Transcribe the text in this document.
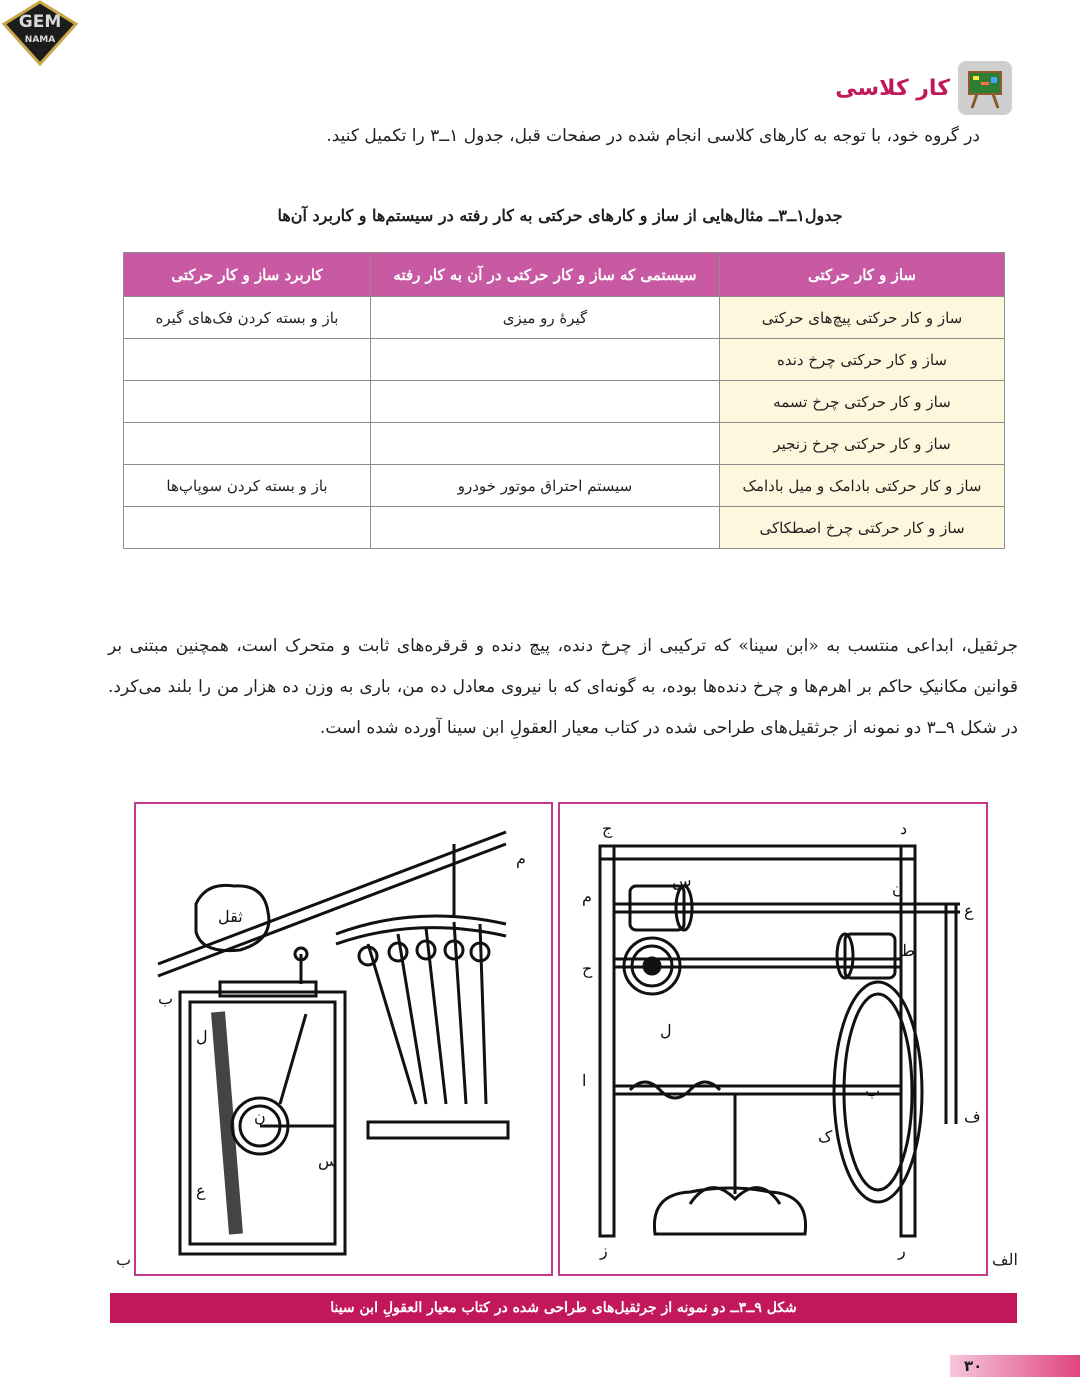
GEM
NAMA
کار کلاسی
در گروه خود، با توجه به کارهای کلاسی انجام شده در صفحات قبل، جدول ۱ــ۳ را تکمیل کنید.
جدول۱ــ۳ــ مثال‌هایی از ساز و کارهای حرکتی به کار رفته در سیستم‌ها و کاربرد آن‌ها
ساز و کار حرکتی	سیستمی که ساز و کار حرکتی در آن به کار رفته	کاربرد ساز و کار حرکتی
ساز و کار حرکتی پیچ‌های حرکتی	گیرهٔ رو میزی	باز و بسته کردن فک‌های گیره
ساز و کار حرکتی چرخ دنده		
ساز و کار حرکتی چرخ تسمه		
ساز و کار حرکتی چرخ زنجیر		
ساز و کار حرکتی بادامک و میل بادامک	سیستم احتراق موتور خودرو	باز و بسته کردن سوپاپ‌ها
ساز و کار حرکتی چرخ اصطکاکی		
جرثقیل، ابداعی منتسب به «ابن سینا» که ترکیبی از چرخ دنده، پیچ دنده و قرقره‌های ثابت و متحرک است، همچنین مبتنی بر قوانین مکانیکِ حاکم بر اهرم‌ها و چرخ دنده‌ها بوده، به گونه‌ای که با نیروی معادل ده من، باری به وزن ده هزار من را بلند می‌کرد. در شکل ۹ــ۳ دو نمونه از جرثقیل‌های طراحی شده در کتاب معیار العقولِ ابن سینا آورده شده است.
ج	د
م
س	ن
ع
ط
ح
ل
ب
ک
ا
ف
ز	ر
م
ب
ثقل
ل
ع
س
ن
الف
ب
شکل ۹ــ۳ــ دو نمونه از جرثقیل‌های طراحی شده در کتاب معیار العقولِ ابن سینا
۳۰
